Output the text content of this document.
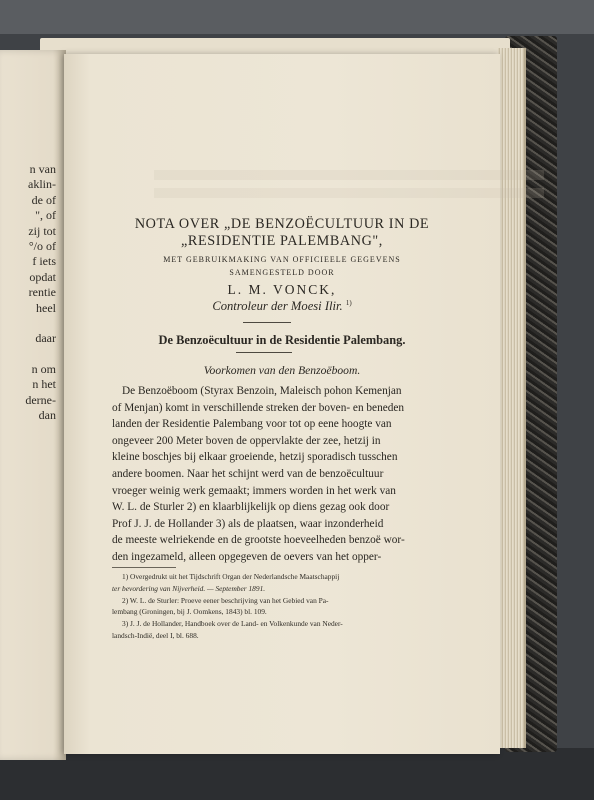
n van
aklin-
de of
", of
zij tot
°/o of
f iets
opdat
rentie
heel
daar
n om
n het
derne-
dan
NOTA OVER „DE BENZOËCULTUUR IN DE
„RESIDENTIE PALEMBANG",
MET GEBRUIKMAKING VAN OFFICIEELE GEGEVENS
SAMENGESTELD DOOR
L. M. VONCK,
Controleur der Moesi Ilir. $^{1)}$
De Benzoëcultuur in de Residentie Palembang.
Voorkomen van den Benzoëboom.
De Benzoëboom (Styrax Benzoin, Maleisch pohon Kemenjan
of Menjan) komt in verschillende streken der boven- en beneden
landen der Residentie Palembang voor tot op eene hoogte van
ongeveer 200 Meter boven de oppervlakte der zee, hetzij in
kleine boschjes bij elkaar groeiende, hetzij sporadisch tusschen
andere boomen. Naar het schijnt werd van de benzoëcultuur
vroeger weinig werk gemaakt; immers worden in het werk van
W. L. de Sturler 2) en klaarblijkelijk op diens gezag ook door
Prof J. J. de Hollander 3) als de plaatsen, waar inzonderheid
de meeste welriekende en de grootste hoeveelheden benzoë wor-
den ingezameld, alleen opgegeven de oevers van het opper-
1) Overgedrukt uit het Tijdschrift Organ der Nederlandsche Maatschappij
ter bevordering van Nijverheid. — September 1891.
2) W. L. de Sturler: Proeve eener beschrijving van het Gebied van Pa-
lembang (Groningen, bij J. Oomkens, 1843) bl. 109.
3) J. J. de Hollander, Handboek over de Land- en Volkenkunde van Neder-
landsch-Indië, deel I, bl. 688.
